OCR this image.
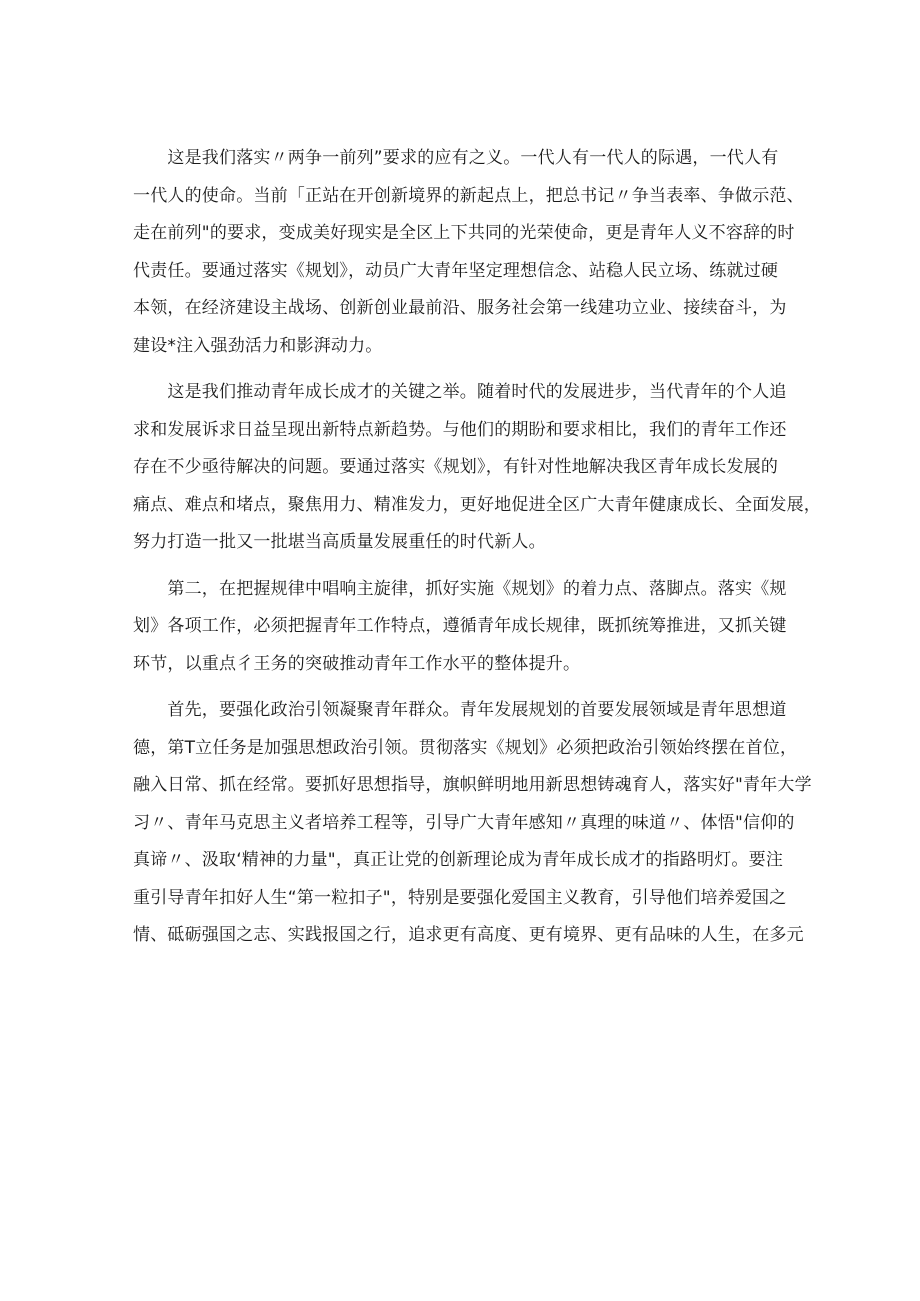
　　这是我们落实〃两争一前列”要求的应有之义。一代人有一代人的际遇，一代人有
一代人的使命。当前「正站在开创新境界的新起点上，把总书记〃争当表率、争做示范、
走在前列"的要求，变成美好现实是全区上下共同的光荣使命，更是青年人义不容辞的时
代责任。要通过落实《规划》，动员广大青年坚定理想信念、站稳人民立场、练就过硬
本领，在经济建设主战场、创新创业最前沿、服务社会第一线建功立业、接续奋斗，为
建设*注入强劲活力和影湃动力。

　　这是我们推动青年成长成才的关键之举。随着时代的发展进步，当代青年的个人追
求和发展诉求日益呈现出新特点新趋势。与他们的期盼和要求相比，我们的青年工作还
存在不少亟待解决的问题。要通过落实《规划》，有针对性地解决我区青年成长发展的
痛点、难点和堵点，聚焦用力、精准发力，更好地促进全区广大青年健康成长、全面发展，
努力打造一批又一批堪当高质量发展重任的时代新人。

　　第二，在把握规律中唱响主旋律，抓好实施《规划》的着力点、落脚点。落实《规
划》各项工作，必须把握青年工作特点，遵循青年成长规律，既抓统筹推进，又抓关键
环节，以重点彳王务的突破推动青年工作水平的整体提升。

　　首先，要强化政治引领凝聚青年群众。青年发展规划的首要发展领域是青年思想道
德，第T立任务是加强思想政治引领。贯彻落实《规划》必须把政治引领始终摆在首位，
融入日常、抓在经常。要抓好思想指导，旗帜鲜明地用新思想铸魂育人，落实好"青年大学
习〃、青年马克思主义者培养工程等，引导广大青年感知〃真理的味道〃、体悟"信仰的
真谛〃、汲取‘精神的力量"，真正让党的创新理论成为青年成长成才的指路明灯。要注
重引导青年扣好人生“第一粒扣子"，特别是要强化爱国主义教育，引导他们培养爱国之
情、砥砺强国之志、实践报国之行，追求更有高度、更有境界、更有品味的人生，在多元
